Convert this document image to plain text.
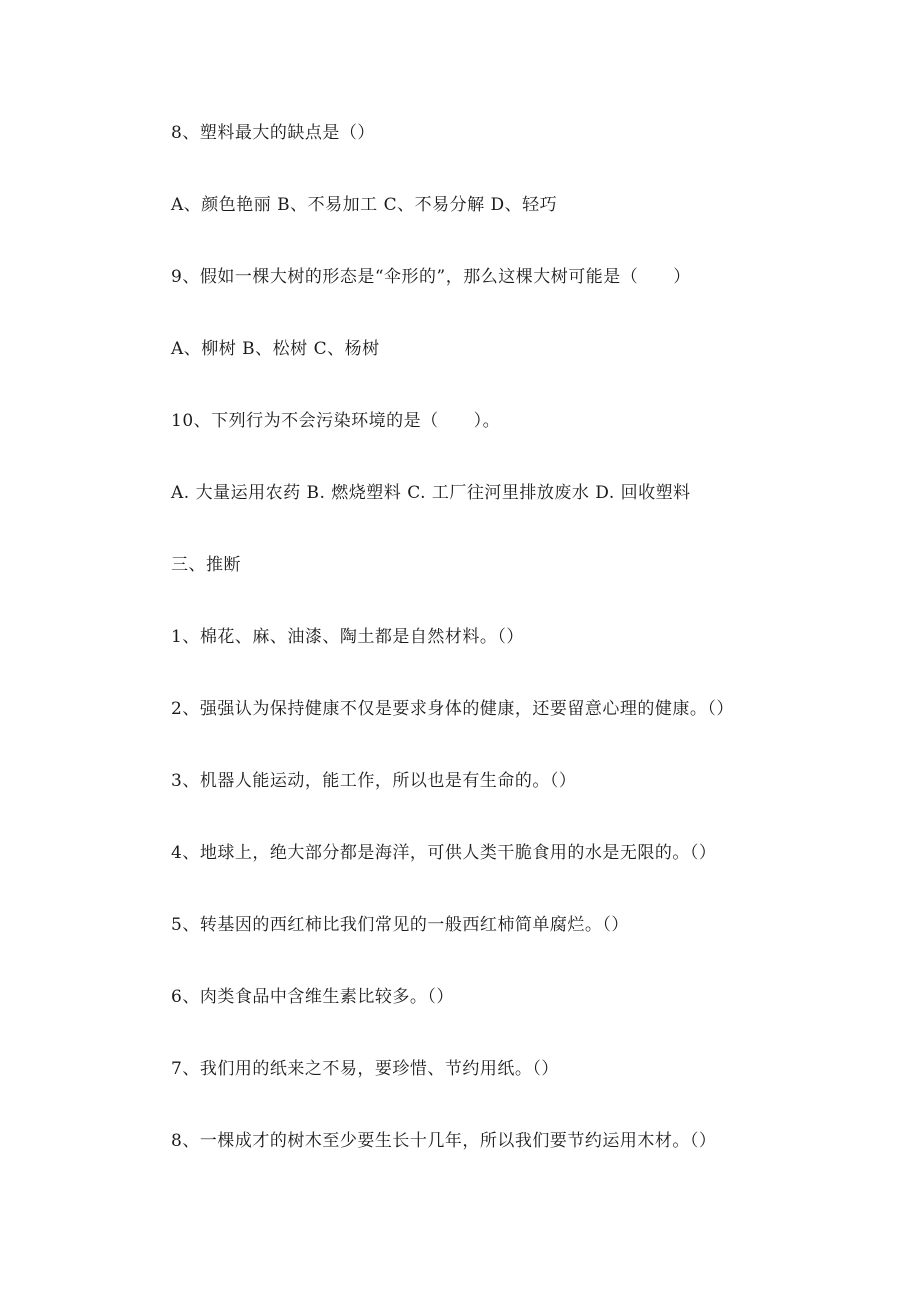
8、塑料最大的缺点是（）
A、颜色艳丽 B、不易加工 C、不易分解 D、轻巧
9、假如一棵大树的形态是“伞形的”，那么这棵大树可能是（　　）
A、柳树 B、松树 C、杨树
10、下列行为不会污染环境的是（　　）。
A. 大量运用农药 B. 燃烧塑料 C. 工厂往河里排放废水 D. 回收塑料
三、推断
1、棉花、麻、油漆、陶土都是自然材料。（）
2、强强认为保持健康不仅是要求身体的健康，还要留意心理的健康。（）
3、机器人能运动，能工作，所以也是有生命的。（）
4、地球上，绝大部分都是海洋，可供人类干脆食用的水是无限的。（）
5、转基因的西红柿比我们常见的一般西红柿简单腐烂。（）
6、肉类食品中含维生素比较多。（）
7、我们用的纸来之不易，要珍惜、节约用纸。（）
8、一棵成才的树木至少要生长十几年，所以我们要节约运用木材。（）
